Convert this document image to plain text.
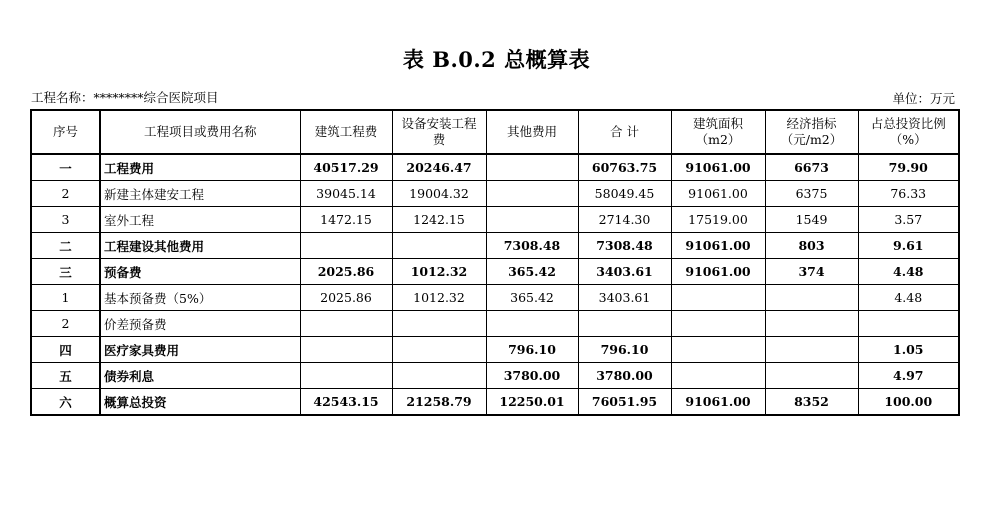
表 B.0.2 总概算表
工程名称：********综合医院项目	单位：万元
序号	工程项目或费用名称	建筑工程费	设备安装工程费	其他费用	合 计	建筑面积（m2）	经济指标（元/m2）	占总投资比例（%）
一	工程费用	40517.29	20246.47		60763.75	91061.00	6673	79.90
2	新建主体建安工程	39045.14	19004.32		58049.45	91061.00	6375	76.33
3	室外工程	1472.15	1242.15		2714.30	17519.00	1549	3.57
二	工程建设其他费用			7308.48	7308.48	91061.00	803	9.61
三	预备费	2025.86	1012.32	365.42	3403.61	91061.00	374	4.48
1	基本预备费（5%）	2025.86	1012.32	365.42	3403.61			4.48
2	价差预备费							
四	医疗家具费用			796.10	796.10			1.05
五	债券利息			3780.00	3780.00			4.97
六	概算总投资	42543.15	21258.79	12250.01	76051.95	91061.00	8352	100.00
